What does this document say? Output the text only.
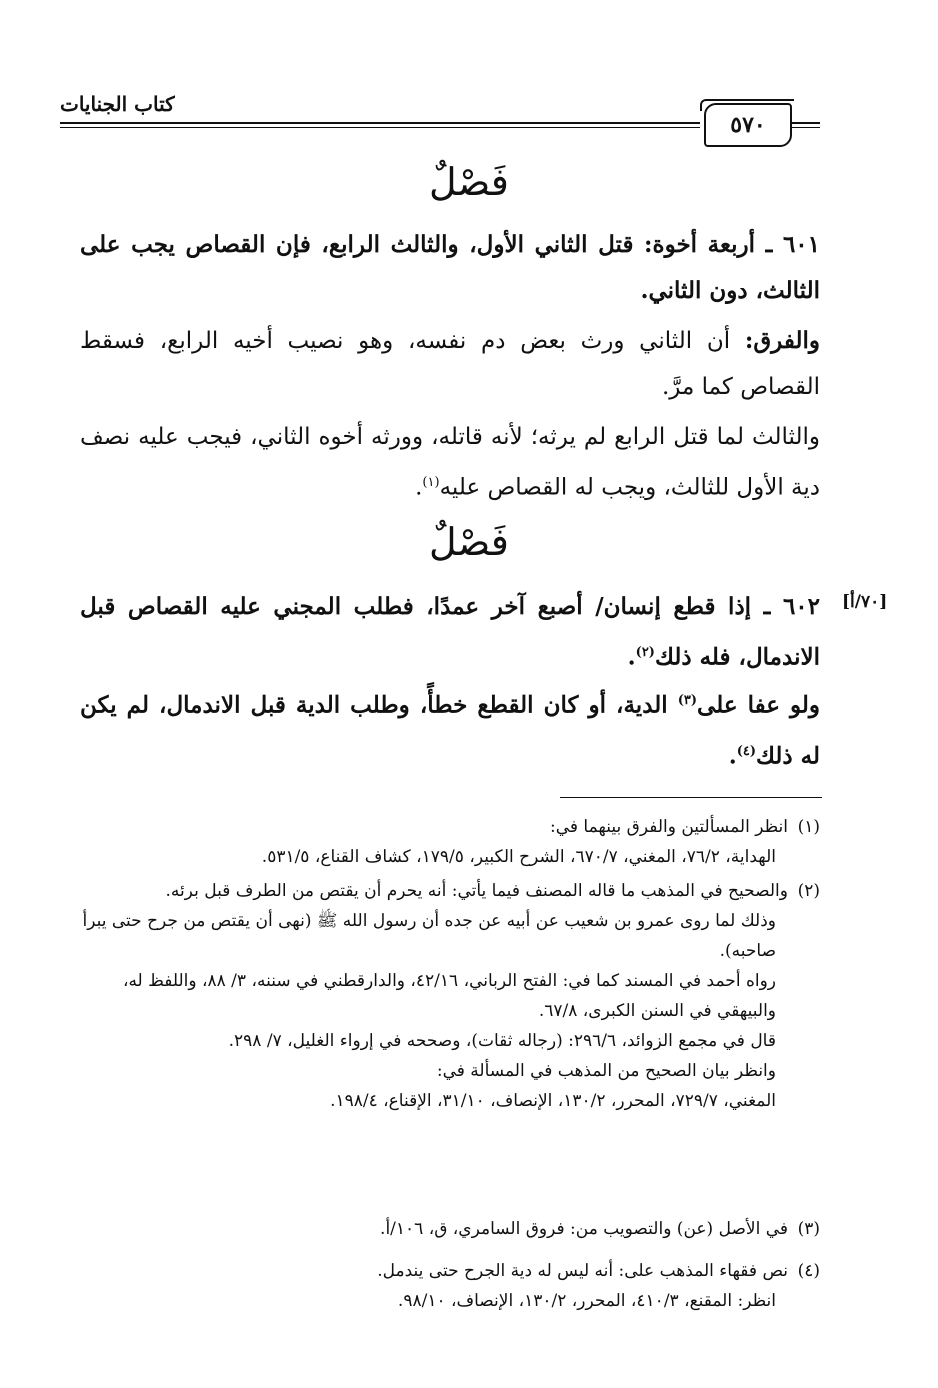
كتاب الجنايات
٥٧٠
فَصْلٌ
٦٠١ ـ أربعة أخوة: قتل الثاني الأول، والثالث الرابع، فإن القصاص يجب على الثالث، دون الثاني.
والفرق: أن الثاني ورث بعض دم نفسه، وهو نصيب أخيه الرابع، فسقط القصاص كما مرَّ.
والثالث لما قتل الرابع لم يرثه؛ لأنه قاتله، وورثه أخوه الثاني، فيجب عليه نصف دية الأول للثالث، ويجب له القصاص عليه$^{(١)}$.
فَصْلٌ
[٧٠/أ]
٦٠٢ ـ إذا قطع إنسان/ أصبع آخر عمدًا، فطلب المجني عليه القصاص قبل الاندمال، فله ذلك$^{(٢)}$.
ولو عفا على$^{(٣)}$ الدية، أو كان القطع خطأً، وطلب الدية قبل الاندمال، لم يكن له ذلك$^{(٤)}$.
(١)انظر المسألتين والفرق بينهما في:
الهداية، ٧٦/٢، المغني، ٦٧٠/٧، الشرح الكبير، ١٧٩/٥، كشاف القناع، ٥٣١/٥.
(٢)والصحيح في المذهب ما قاله المصنف فيما يأتي: أنه يحرم أن يقتص من الطرف قبل برئه.
وذلك لما روى عمرو بن شعيب عن أبيه عن جده أن رسول الله ﷺ (نهى أن يقتص من جرح حتى يبرأ صاحبه).
رواه أحمد في المسند كما في: الفتح الرباني، ٤٢/١٦، والدارقطني في سننه، ٣/ ٨٨، واللفظ له، والبيهقي في السنن الكبرى، ٦٧/٨.
قال في مجمع الزوائد، ٢٩٦/٦: (رجاله ثقات)، وصححه في إرواء الغليل، ٧/ ٢٩٨.
وانظر بيان الصحيح من المذهب في المسألة في:
المغني، ٧٢٩/٧، المحرر، ١٣٠/٢، الإنصاف، ٣١/١٠، الإقناع، ١٩٨/٤.
(٣)في الأصل (عن) والتصويب من: فروق السامري، ق، ١٠٦/أ.
(٤)نص فقهاء المذهب على: أنه ليس له دية الجرح حتى يندمل.
انظر: المقنع، ٤١٠/٣، المحرر، ١٣٠/٢، الإنصاف، ٩٨/١٠.
